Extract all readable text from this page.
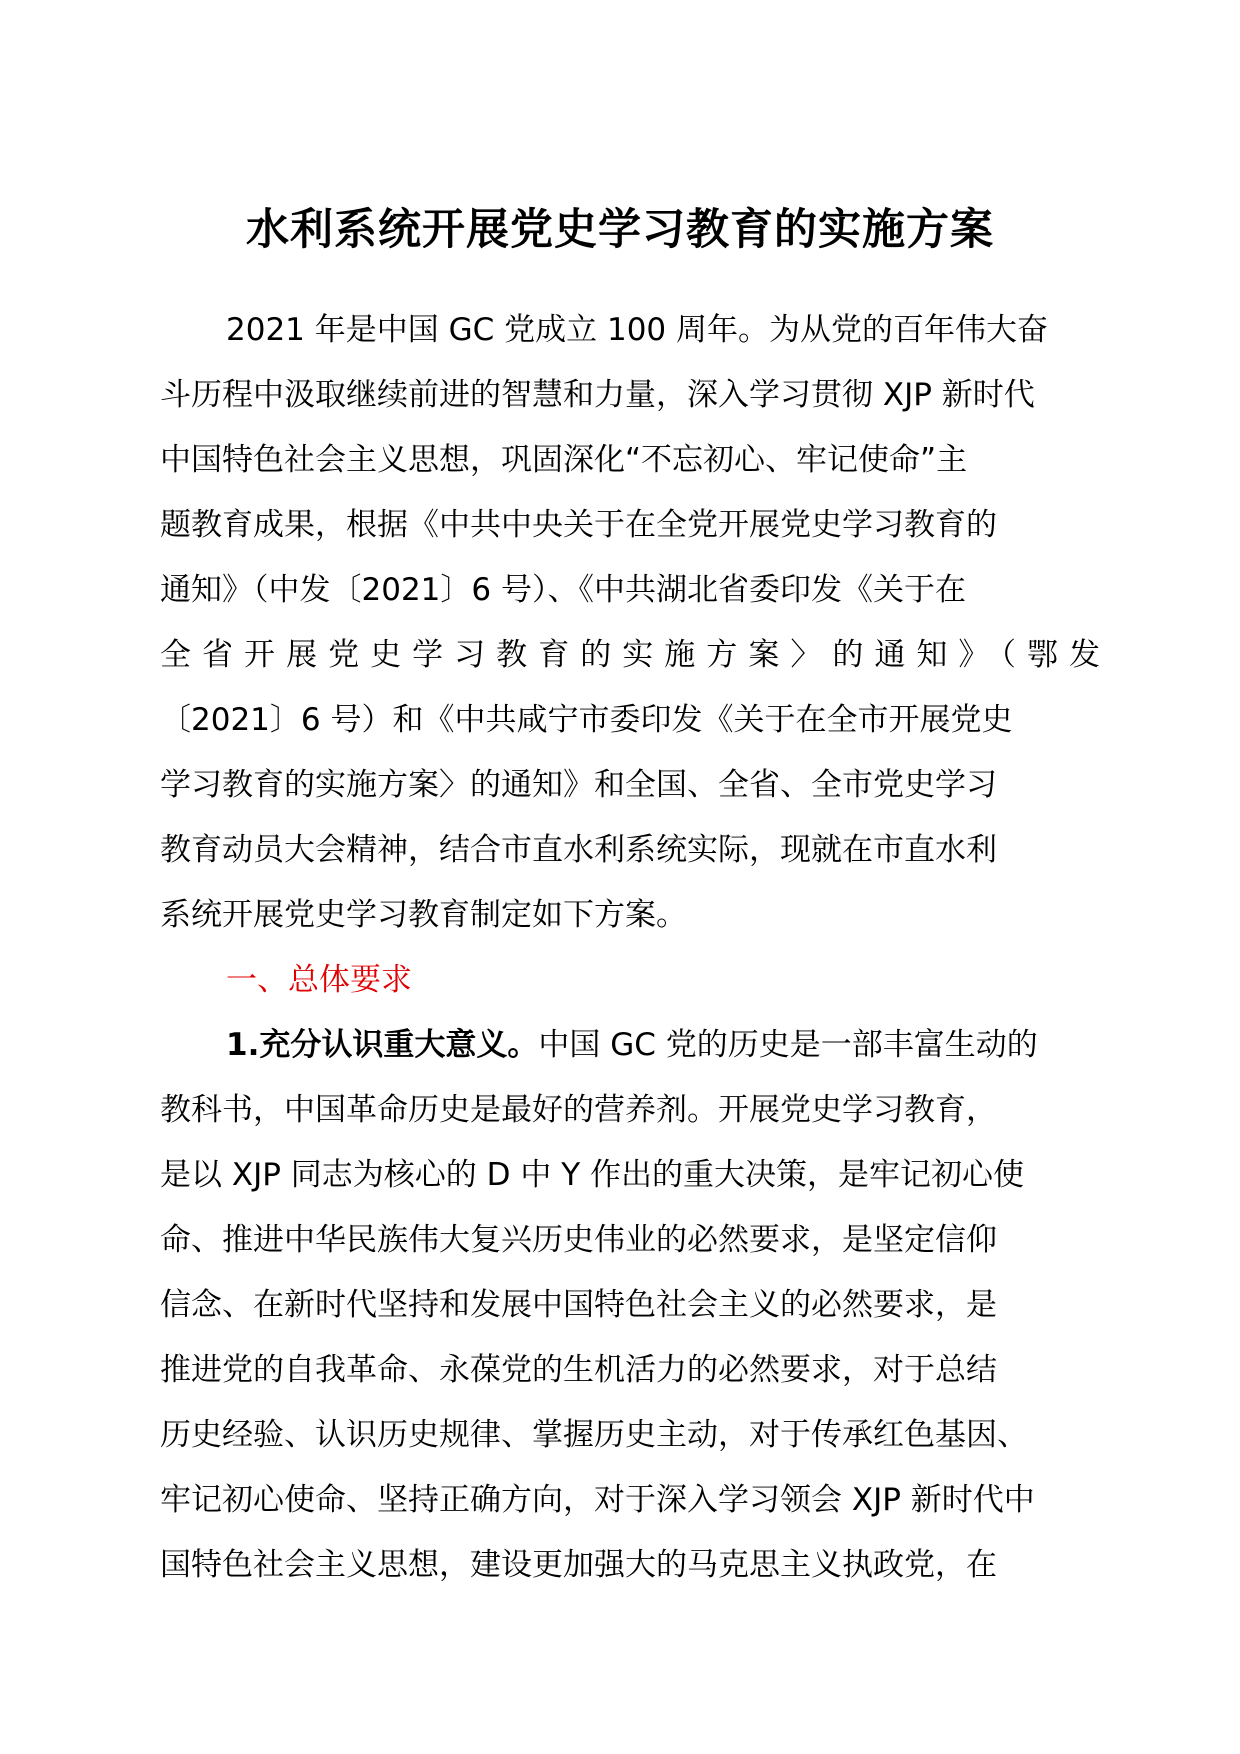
水利系统开展党史学习教育的实施方案
2021 年是中国 GC 党成立 100 周年。为从党的百年伟大奋
斗历程中汲取继续前进的智慧和力量，深入学习贯彻 XJP 新时代
中国特色社会主义思想，巩固深化“不忘初心、牢记使命”主
题教育成果，根据《中共中央关于在全党开展党史学习教育的
通知》（中发〔2021〕6 号）、《中共湖北省委印发《关于在
全省开展党史学习教育的实施方案〉的通知》（鄂发
〔2021〕6 号）和《中共咸宁市委印发《关于在全市开展党史
学习教育的实施方案〉的通知》和全国、全省、全市党史学习
教育动员大会精神，结合市直水利系统实际，现就在市直水利
系统开展党史学习教育制定如下方案。
一、总体要求
1.充分认识重大意义。中国 GC 党的历史是一部丰富生动的
教科书，中国革命历史是最好的营养剂。开展党史学习教育，
是以 XJP 同志为核心的 D 中 Y 作出的重大决策，是牢记初心使
命、推进中华民族伟大复兴历史伟业的必然要求，是坚定信仰
信念、在新时代坚持和发展中国特色社会主义的必然要求，是
推进党的自我革命、永葆党的生机活力的必然要求，对于总结
历史经验、认识历史规律、掌握历史主动，对于传承红色基因、
牢记初心使命、坚持正确方向，对于深入学习领会 XJP 新时代中
国特色社会主义思想，建设更加强大的马克思主义执政党，在
